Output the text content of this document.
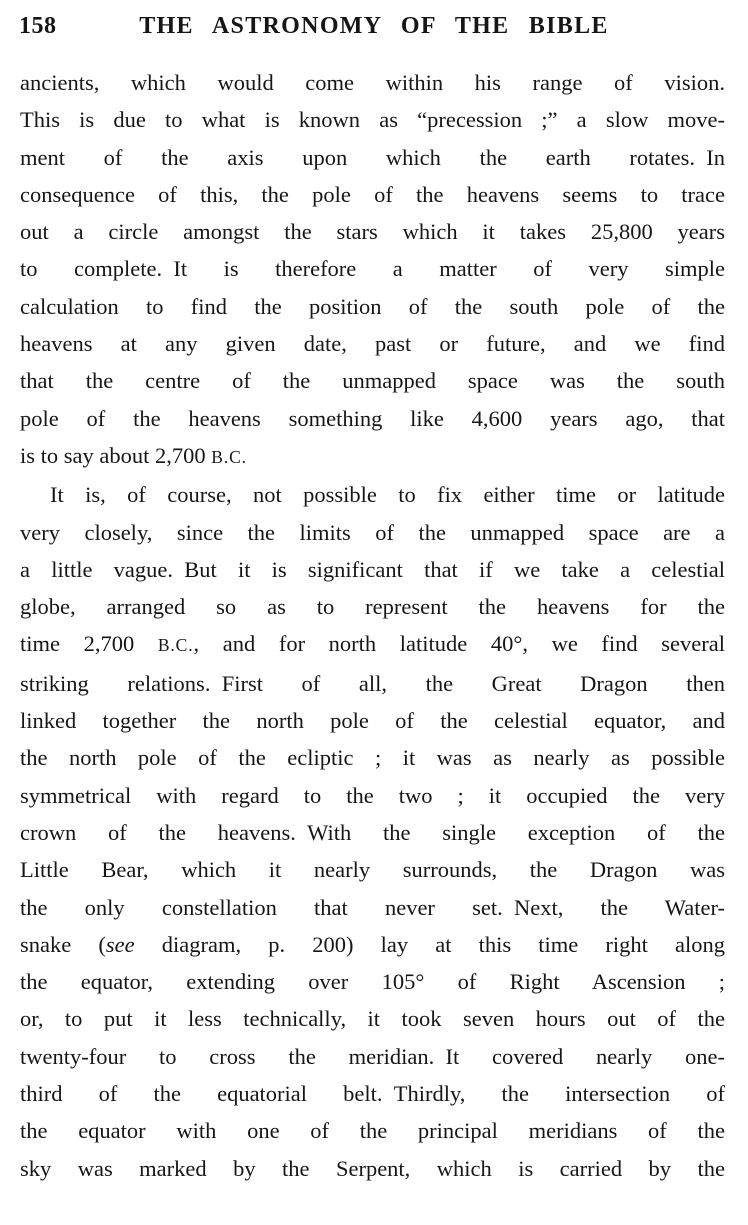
158	THE ASTRONOMY OF THE BIBLE
ancients, which would come within his range of vision.
This is due to what is known as “precession ;” a slow move-
ment of the axis upon which the earth rotates. In
consequence of this, the pole of the heavens seems to trace
out a circle amongst the stars which it takes 25,800 years
to complete. It is therefore a matter of very simple
calculation to find the position of the south pole of the
heavens at any given date, past or future, and we find
that the centre of the unmapped space was the south
pole of the heavens something like 4,600 years ago, that
is to say about 2,700 B.C.
It is, of course, not possible to fix either time or latitude
very closely, since the limits of the unmapped space are a
a little vague. But it is significant that if we take a celestial
globe, arranged so as to represent the heavens for the
time 2,700 B.C., and for north latitude 40°, we find several
striking relations. First of all, the Great Dragon then
linked together the north pole of the celestial equator, and
the north pole of the ecliptic ; it was as nearly as possible
symmetrical with regard to the two ; it occupied the very
crown of the heavens. With the single exception of the
Little Bear, which it nearly surrounds, the Dragon was
the only constellation that never set. Next, the Water-
snake (see diagram, p. 200) lay at this time right along
the equator, extending over 105° of Right Ascension ;
or, to put it less technically, it took seven hours out of the
twenty-four to cross the meridian. It covered nearly one-
third of the equatorial belt. Thirdly, the intersection of
the equator with one of the principal meridians of the
sky was marked by the Serpent, which is carried by the
